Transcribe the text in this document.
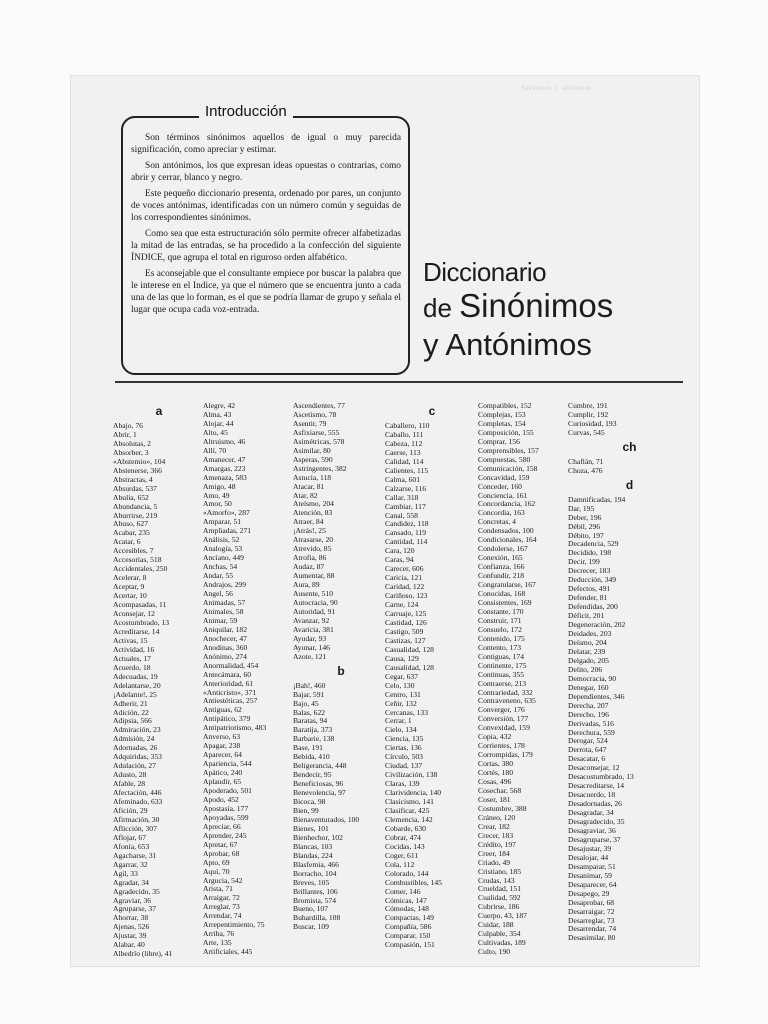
Sinónimos  y  antónimos

Son términos sinónimos aquellos de igual o muy parecida significación, como apreciar y estimar.

Son antónimos, los que expresan ideas opuestas o contrarias, como abrir y cerrar, blanco y negro.

Este pequeño diccionario presenta, ordenado por pares, un conjunto de voces antónimas, identificadas con un número común y seguidas de los correspondientes sinónimos.

Como sea que esta estructuración sólo permite ofrecer alfabetizadas la mitad de las entradas, se ha procedido a la confección del siguiente ÍNDICE, que agrupa el total en riguroso orden alfabético.

Es aconsejable que el consultante empiece por buscar la palabra que le interese en el Indice, ya que el número que se encuentra junto a cada una de las que lo forman, es el que se podría llamar de grupo y señala el lugar que ocupa cada voz-entrada.

Introducción
Diccionario
de Sinónimos
y Antónimos
a
Abajo, 76
Abrir, 1
Absolutas, 2
Absorber, 3
«Abstemio», 104
Abstenerse, 366
Abstractas, 4
Absurdas, 537
Abulia, 652
Abundancia, 5
Aburrirse, 219
Abuso, 627
Acabar, 235
Acatar, 6
Accesibles, 7
Accesorias, 518
Accidentales, 250
Acelerar, 8
Aceptar, 9
Acertar, 10
Acompasadas, 11
Aconsejar, 12
Acostumbrado, 13
Acreditarse, 14
Activas, 15
Actividad, 16
Actuales, 17
Acuerdo, 18
Adecuadas, 19
Adelantarse, 20
¡Adelante!, 25
Adherir, 21
Adición, 22
Adipsia, 566
Admiración, 23
Admisión, 24
Adornadas, 26
Adquiridas, 353
Adulación, 27
Adusto, 28
Afable, 28
Afectación, 446
Afeminado, 633
Afición, 29
Afirmación, 30
Aflicción, 307
Aflojar, 67
Afonía, 653
Agacharse, 31
Agarrar, 32
Ágil, 33
Agradar, 34
Agradecido, 35
Agraviar, 36
Agruparse, 37
Ahorrar, 38
Ajenas, 526
Ajustar, 39
Alabar, 40
Albedrío (libre), 41
Alegre, 42
Alma, 43
Alojar, 44
Alto, 45
Altruismo, 46
Allí, 70
Amanecer, 47
Amargas, 223
Amenaza, 583
Amigo, 48
Amo, 49
Amor, 50
«Amorfo», 287
Amparar, 51
Ampliadas, 271
Análisis, 52
Analogía, 53
Anciano, 449
Anchas, 54
Andar, 55
Andrajos, 299
Angel, 56
Animadas, 57
Animales, 58
Animar, 59
Aniquilar, 182
Anochecer, 47
Anodinas, 360
Anónimo, 274
Anormalidad, 454
Antecámara, 60
Anterioridad, 61
«Anticristo», 371
Antiestéticas, 257
Antiguas, 62
Antipático, 379
Antipatriotismo, 483
Anverso, 63
Apagar, 238
Aparecer, 64
Apariencia, 544
Apático, 240
Aplaudir, 65
Apoderado, 501
Apodo, 452
Apostasía, 177
Apoyadas, 599
Apreciar, 66
Aprender, 245
Apretar, 67
Aprobar, 68
Apto, 69
Aquí, 70
Argucia, 542
Arista, 71
Arraigar, 72
Arreglar, 73
Arrendar, 74
Arrepentimiento, 75
Arriba, 76
Arte, 135
Artificiales, 445
Ascendientes, 77
Ascetismo, 78
Asentir, 79
Asfixiarse, 555
Asimétricas, 578
Asimilar, 80
Asperas, 590
Astringentes, 382
Astucia, 118
Atacar, 81
Atar, 82
Ateísmo, 204
Atención, 83
Atraer, 84
¡Atrás!, 25
Atrasarse, 20
Atrevido, 85
Atrofia, 86
Audaz, 87
Aumentar, 88
Aura, 89
Ausente, 510
Autocracia, 90
Autoridad, 91
Avanzar, 92
Avaricia, 381
Ayudar, 93
Ayunar, 146
Azote, 121
b
¡Bah!, 460
Bajar, 591
Bajo, 45
Balas, 622
Baratas, 94
Baratija, 373
Barbarie, 138
Base, 191
Bebida, 410
Beligerancia, 448
Bendecir, 95
Beneficiosas, 96
Benevolencia, 97
Bicoca, 98
Bien, 99
Bienaventurados, 100
Bienes, 101
Bienhechor, 102
Blancas, 103
Blandas, 224
Blasfemia, 466
Borracho, 104
Breves, 105
Brillantes, 106
Bromista, 574
Bueno, 107
Buhardilla, 108
Buscar, 109
c
Caballero, 110
Caballo, 111
Cabeza, 112
Caerse, 113
Calidad, 114
Calientes, 115
Calma, 601
Calzarse, 116
Callar, 318
Cambiar, 117
Canal, 558
Candidez, 118
Cansado, 119
Cantidad, 114
Cara, 120
Caras, 94
Carecer, 606
Caricia, 121
Caridad, 122
Cariñoso, 123
Carne, 124
Carruaje, 125
Castidad, 126
Castigo, 509
Castizas, 127
Casualidad, 128
Causa, 129
Causalidad, 128
Cegar, 637
Celo, 130
Centro, 131
Ceñir, 132
Cercanas, 133
Cerrar, 1
Cielo, 134
Ciencia, 135
Ciertas, 136
Círculo, 503
Ciudad, 137
Civilización, 138
Claras, 139
Clarividencia, 140
Clasicismo, 141
Clasificar, 425
Clemencia, 142
Cobarde, 630
Cobrar, 474
Cocidas, 143
Coger, 611
Cola, 112
Colorado, 144
Combustibles, 145
Comer, 146
Cómicas, 147
Cómodas, 148
Compactas, 149
Compañía, 586
Comparar, 150
Compasión, 151
Compatibles, 152
Complejas, 153
Completas, 154
Composición, 155
Comprar, 156
Comprensibles, 157
Compuestas, 580
Comunicación, 158
Concavidad, 159
Conceder, 160
Conciencia, 161
Concordancia, 162
Concordia, 163
Concretas, 4
Condensados, 100
Condicionales, 164
Condolerse, 167
Conexión, 165
Confianza, 166
Confundir, 218
Congratularse, 167
Conocidas, 168
Consistentes, 169
Constante, 170
Construir, 171
Consuelo, 172
Contenido, 175
Contento, 173
Contiguas, 174
Continente, 175
Continuas, 355
Contraerse, 213
Contrariedad, 332
Contraveneno, 635
Converger, 176
Conversión, 177
Convexidad, 159
Copia, 432
Corrientes, 178
Corrompidas, 179
Cortas, 380
Cortés, 180
Cosas, 496
Cosechar, 568
Coser, 181
Costumbre, 388
Cráneo, 120
Crear, 182
Crecer, 183
Crédito, 197
Creer, 184
Criado, 49
Cristiano, 185
Crudas, 143
Crueldad, 151
Cualidad, 592
Cubrirse, 186
Cuerpo, 43, 187
Cuidar, 188
Culpable, 354
Cultivadas, 189
Culto, 190
Cumbre, 191
Cumplir, 192
Curiosidad, 193
Curvas, 545
ch
Chaflán, 71
Choza, 476
d
Damnificadas, 194
Dar, 195
Deber, 196
Débil, 296
Débito, 197
Decadencia, 529
Decidido, 198
Decir, 199
Decrecer, 183
Deducción, 349
Defectos, 491
Defender, 81
Defendidas, 200
Déficit, 201
Degeneración, 202
Deidades, 203
Deísmo, 204
Delatar, 239
Delgado, 205
Delito, 206
Democracia, 90
Denegar, 160
Dependientes, 346
Derecha, 207
Derecho, 196
Derivadas, 516
Derechura, 559
Derogar, 524
Derrota, 647
Desacatar, 6
Desaconsejar, 12
Desacostumbrado, 13
Desacreditarse, 14
Desacuerdo, 18
Desadornadas, 26
Desagradar, 34
Desagradecido, 35
Desagraviar, 36
Desagruparse, 37
Desajustar, 39
Desalojar, 44
Desamparar, 51
Desanimar, 59
Desaparecer, 64
Desapego, 29
Desaprobar, 68
Desarraigar, 72
Desarreglar, 73
Desarrendar, 74
Desasimilar, 80
